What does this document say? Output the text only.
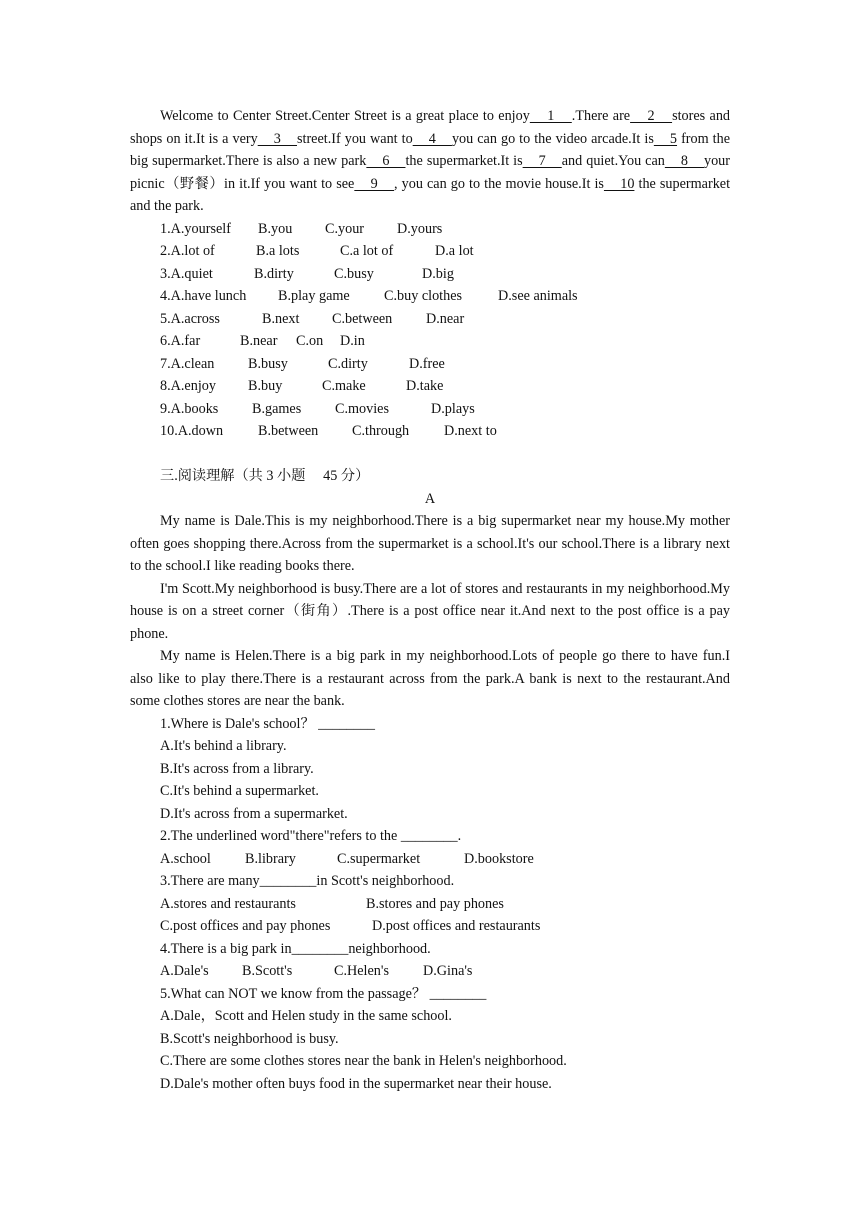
Welcome to Center Street.Center Street is a great place to enjoy    1    .There are    2    stores and shops on it.It is a very    3    street.If you want to    4    you can go to the video arcade.It is    5 from the big supermarket.There is also a new park    6    the supermarket.It is    7    and quiet.You can    8    your picnic（野餐）in it.If you want to see    9    , you can go to the movie house.It is    10 the supermarket and the park.

1.A.yourself B.you C.your D.yours

2.A.lot of	B.a lots	C.a lot of	D.a lot

3.A.quiet	B.dirty	C.busy	D.big

4.A.have lunch B.play game C.buy clothes	D.see animals

5.A.across	B.next C.between D.near

6.A.far	B.near C.on D.in

7.A.clean B.busy	C.dirty	D.free

8.A.enjoy B.buy	C.make	D.take

9.A.books B.games C.movies	D.plays

10.A.down B.between C.through D.next to

三.阅读理解（共 3 小题　 45 分）

A

My name is Dale.This is my neighborhood.There is a big supermarket near my house.My mother often goes shopping there.Across from the supermarket is a school.It's our school.There is a library next to the school.I like reading books there.

I'm Scott.My neighborhood is busy.There are a lot of stores and restaurants in my neighborhood.My house is on a street corner（街角）.There is a post office near it.And next to the post office is a pay phone.

My name is Helen.There is a big park in my neighborhood.Lots of people go there to have fun.I also like to play there.There is a restaurant across from the park.A bank is next to the restaurant.And some clothes stores are near the bank.

1.Where is Dale's school？ ________

A.It's behind a library.

B.It's across from a library.

C.It's behind a supermarket.

D.It's across from a supermarket.

2.The underlined word"there"refers to the ________.

A.school B.library	C.supermarket	D.bookstore

3.There are many________in Scott's neighborhood.

A.stores and restaurants	B.stores and pay phones

C.post offices and pay phones	D.post offices and restaurants

4.There is a big park in________neighborhood.

A.Dale's B.Scott's	C.Helen's D.Gina's

5.What can NOT we know from the passage？ ________

A.Dale，Scott and Helen study in the same school.

B.Scott's neighborhood is busy.

C.There are some clothes stores near the bank in Helen's neighborhood.

D.Dale's mother often buys food in the supermarket near their house.
